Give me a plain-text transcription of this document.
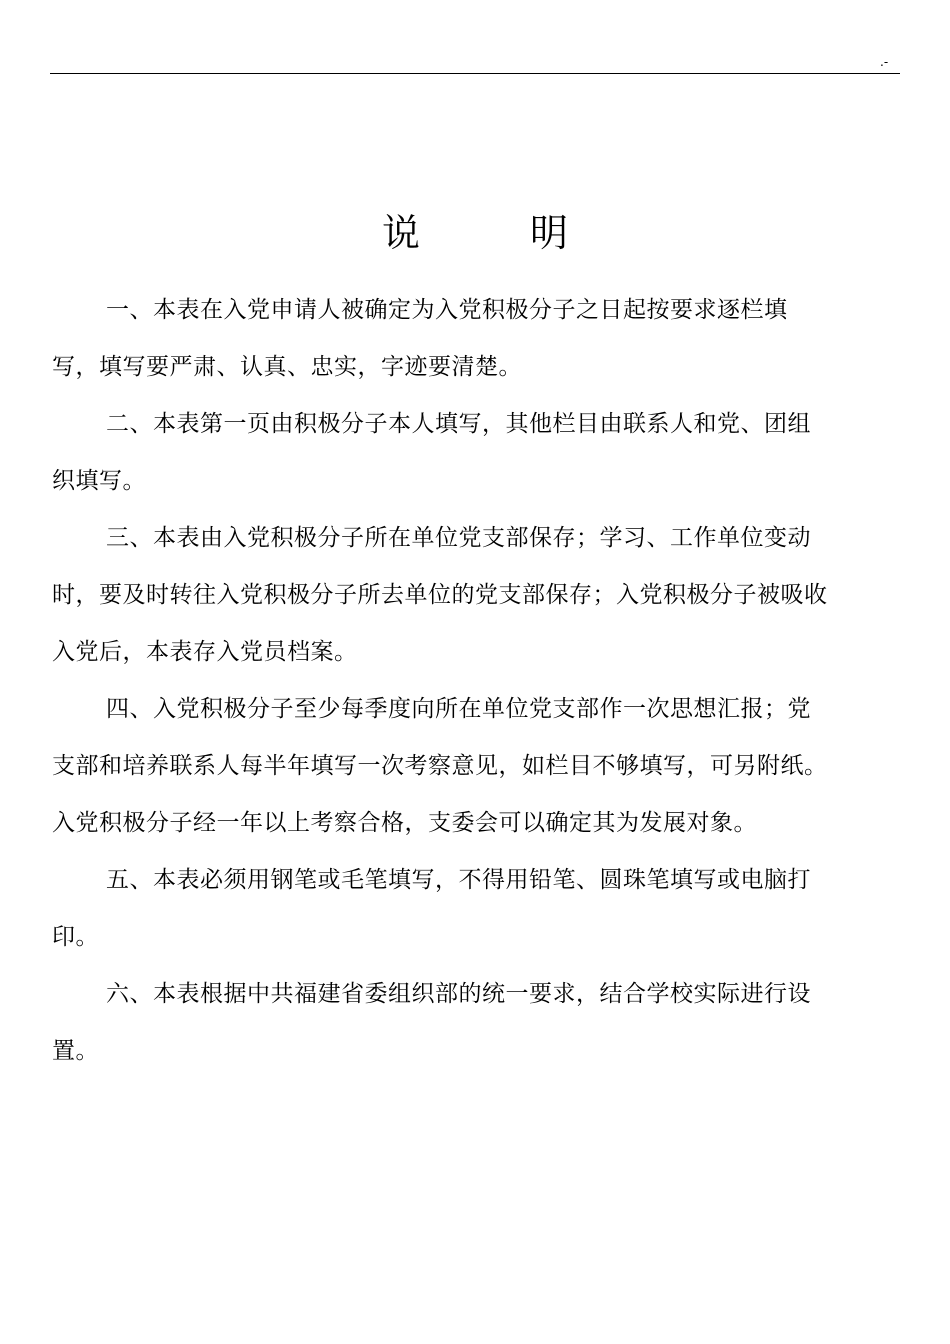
.-
说	明

一、本表在入党申请人被确定为入党积极分子之日起按要求逐栏填写，填写要严肃、认真、忠实，字迹要清楚。

二、本表第一页由积极分子本人填写，其他栏目由联系人和党、团组织填写。

三、本表由入党积极分子所在单位党支部保存；学习、工作单位变动时，要及时转往入党积极分子所去单位的党支部保存；入党积极分子被吸收入党后，本表存入党员档案。

四、入党积极分子至少每季度向所在单位党支部作一次思想汇报；党支部和培养联系人每半年填写一次考察意见，如栏目不够填写，可另附纸。入党积极分子经一年以上考察合格，支委会可以确定其为发展对象。

五、本表必须用钢笔或毛笔填写，不得用铅笔、圆珠笔填写或电脑打印。

六、本表根据中共福建省委组织部的统一要求，结合学校实际进行设置。
